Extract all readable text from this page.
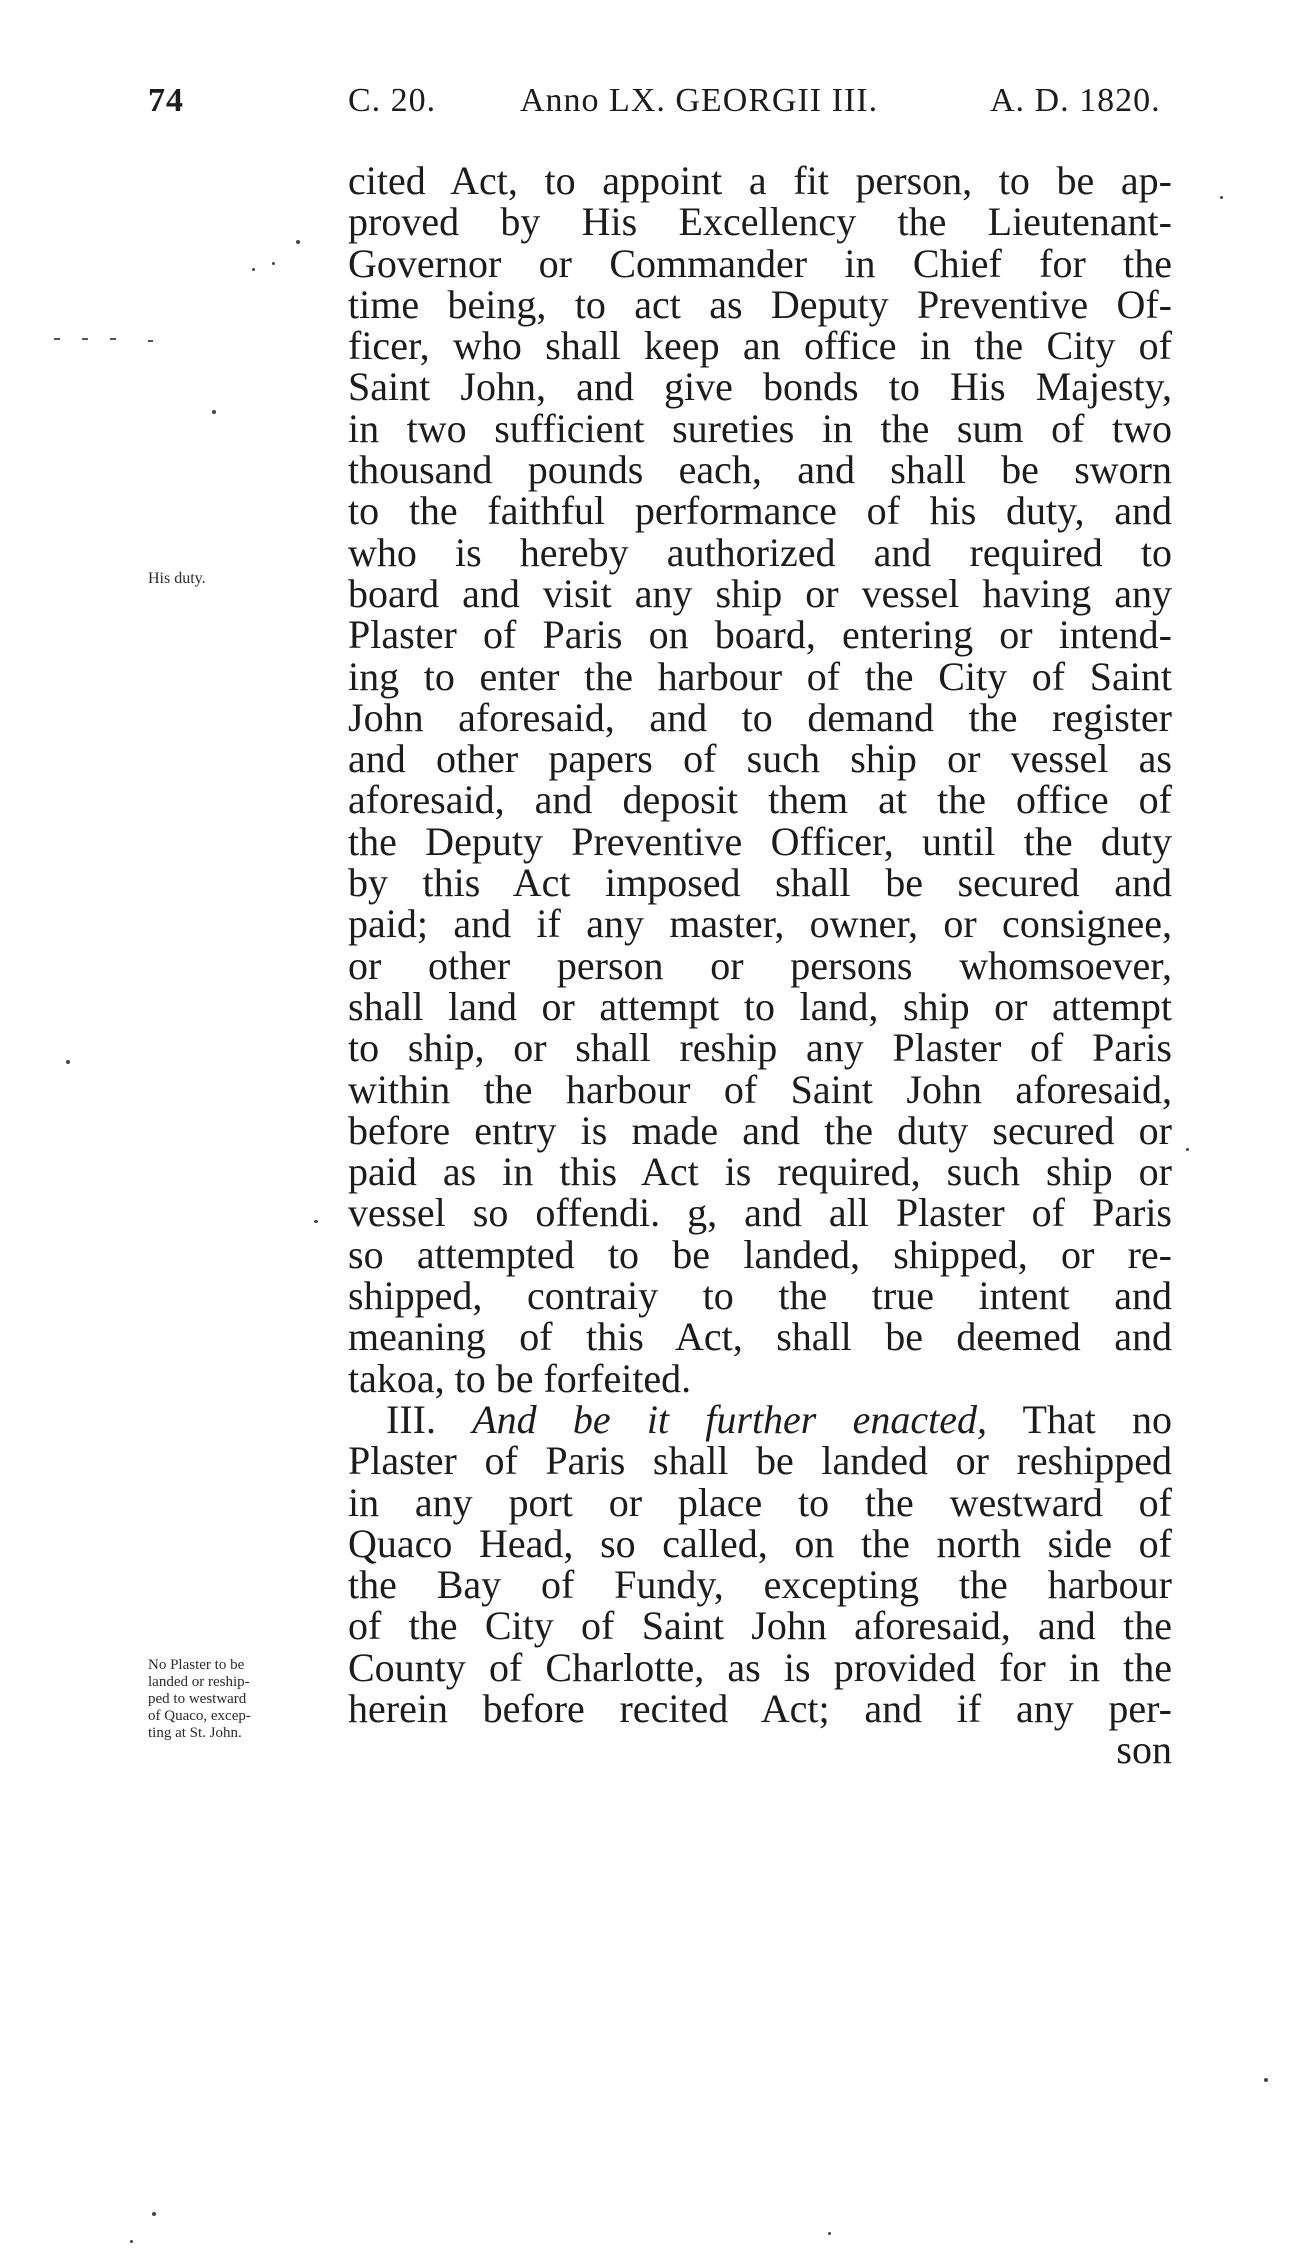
74	C. 20. Anno LX. GEORGII III.	A. D. 1820.
His duty.
No Plaster to be
landed or reship-
ped to westward
of Quaco, excep-
ting at St. John.
cited Act, to appoint a fit person, to be ap-
proved by His Excellency the Lieutenant-
Governor or Commander in Chief for the
time being, to act as Deputy Preventive Of-
ficer, who shall keep an office in the City of
Saint John, and give bonds to His Majesty,
in two sufficient sureties in the sum of two
thousand pounds each, and shall be sworn
to the faithful performance of his duty, and
who is hereby authorized and required to
board and visit any ship or vessel having any
Plaster of Paris on board, entering or intend-
ing to enter the harbour of the City of Saint
John aforesaid, and to demand the register
and other papers of such ship or vessel as
aforesaid, and deposit them at the office of
the Deputy Preventive Officer, until the duty
by this Act imposed shall be secured and
paid; and if any master, owner, or consignee,
or other person or persons whomsoever,
shall land or attempt to land, ship or attempt
to ship, or shall reship any Plaster of Paris
within the harbour of Saint John aforesaid,
before entry is made and the duty secured or
paid as in this Act is required, such ship or
vessel so offendi. g, and all Plaster of Paris
so attempted to be landed, shipped, or re-
shipped, contraiy to the true intent and
meaning of this Act, shall be deemed and
takoa, to be forfeited.
III. And be it further enacted, That no
Plaster of Paris shall be landed or reshipped
in any port or place to the westward of
Quaco Head, so called, on the north side of
the Bay of Fundy, excepting the harbour
of the City of Saint John aforesaid, and the
County of Charlotte, as is provided for in the
herein before recited Act; and if any per-
son
